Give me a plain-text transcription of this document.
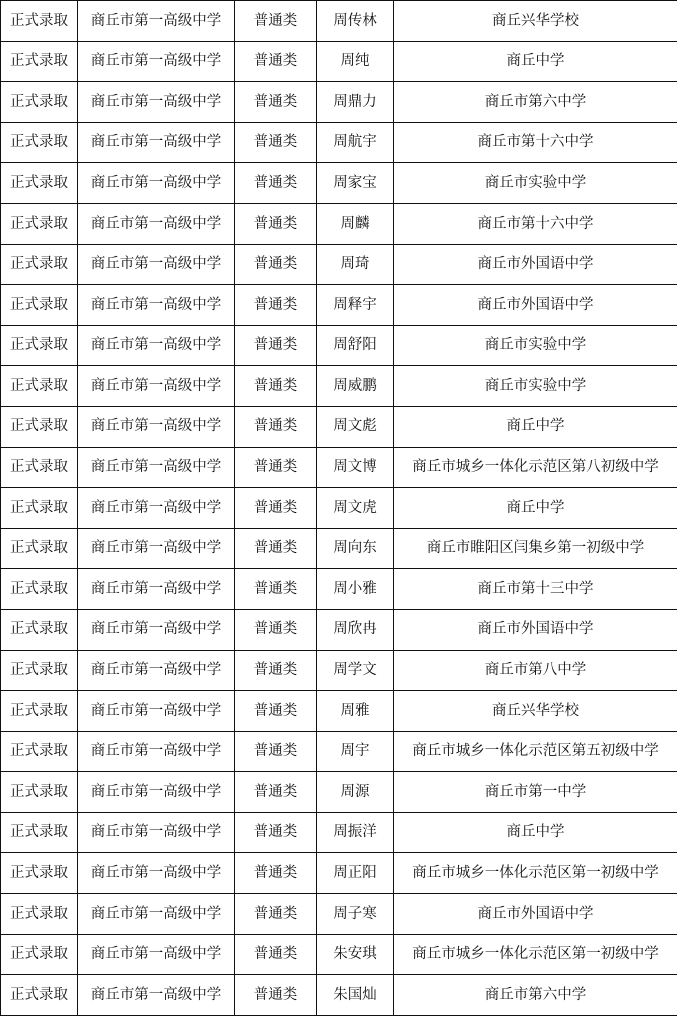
正式录取	商丘市第一高级中学	普通类	周传林	商丘兴华学校
正式录取	商丘市第一高级中学	普通类	周纯	商丘中学
正式录取	商丘市第一高级中学	普通类	周鼎力	商丘市第六中学
正式录取	商丘市第一高级中学	普通类	周航宇	商丘市第十六中学
正式录取	商丘市第一高级中学	普通类	周家宝	商丘市实验中学
正式录取	商丘市第一高级中学	普通类	周麟	商丘市第十六中学
正式录取	商丘市第一高级中学	普通类	周琦	商丘市外国语中学
正式录取	商丘市第一高级中学	普通类	周释宇	商丘市外国语中学
正式录取	商丘市第一高级中学	普通类	周舒阳	商丘市实验中学
正式录取	商丘市第一高级中学	普通类	周威鹏	商丘市实验中学
正式录取	商丘市第一高级中学	普通类	周文彪	商丘中学
正式录取	商丘市第一高级中学	普通类	周文博	商丘市城乡一体化示范区第八初级中学
正式录取	商丘市第一高级中学	普通类	周文虎	商丘中学
正式录取	商丘市第一高级中学	普通类	周向东	商丘市睢阳区闫集乡第一初级中学
正式录取	商丘市第一高级中学	普通类	周小雅	商丘市第十三中学
正式录取	商丘市第一高级中学	普通类	周欣冉	商丘市外国语中学
正式录取	商丘市第一高级中学	普通类	周学文	商丘市第八中学
正式录取	商丘市第一高级中学	普通类	周雅	商丘兴华学校
正式录取	商丘市第一高级中学	普通类	周宇	商丘市城乡一体化示范区第五初级中学
正式录取	商丘市第一高级中学	普通类	周源	商丘市第一中学
正式录取	商丘市第一高级中学	普通类	周振洋	商丘中学
正式录取	商丘市第一高级中学	普通类	周正阳	商丘市城乡一体化示范区第一初级中学
正式录取	商丘市第一高级中学	普通类	周子寒	商丘市外国语中学
正式录取	商丘市第一高级中学	普通类	朱安琪	商丘市城乡一体化示范区第一初级中学
正式录取	商丘市第一高级中学	普通类	朱国灿	商丘市第六中学
